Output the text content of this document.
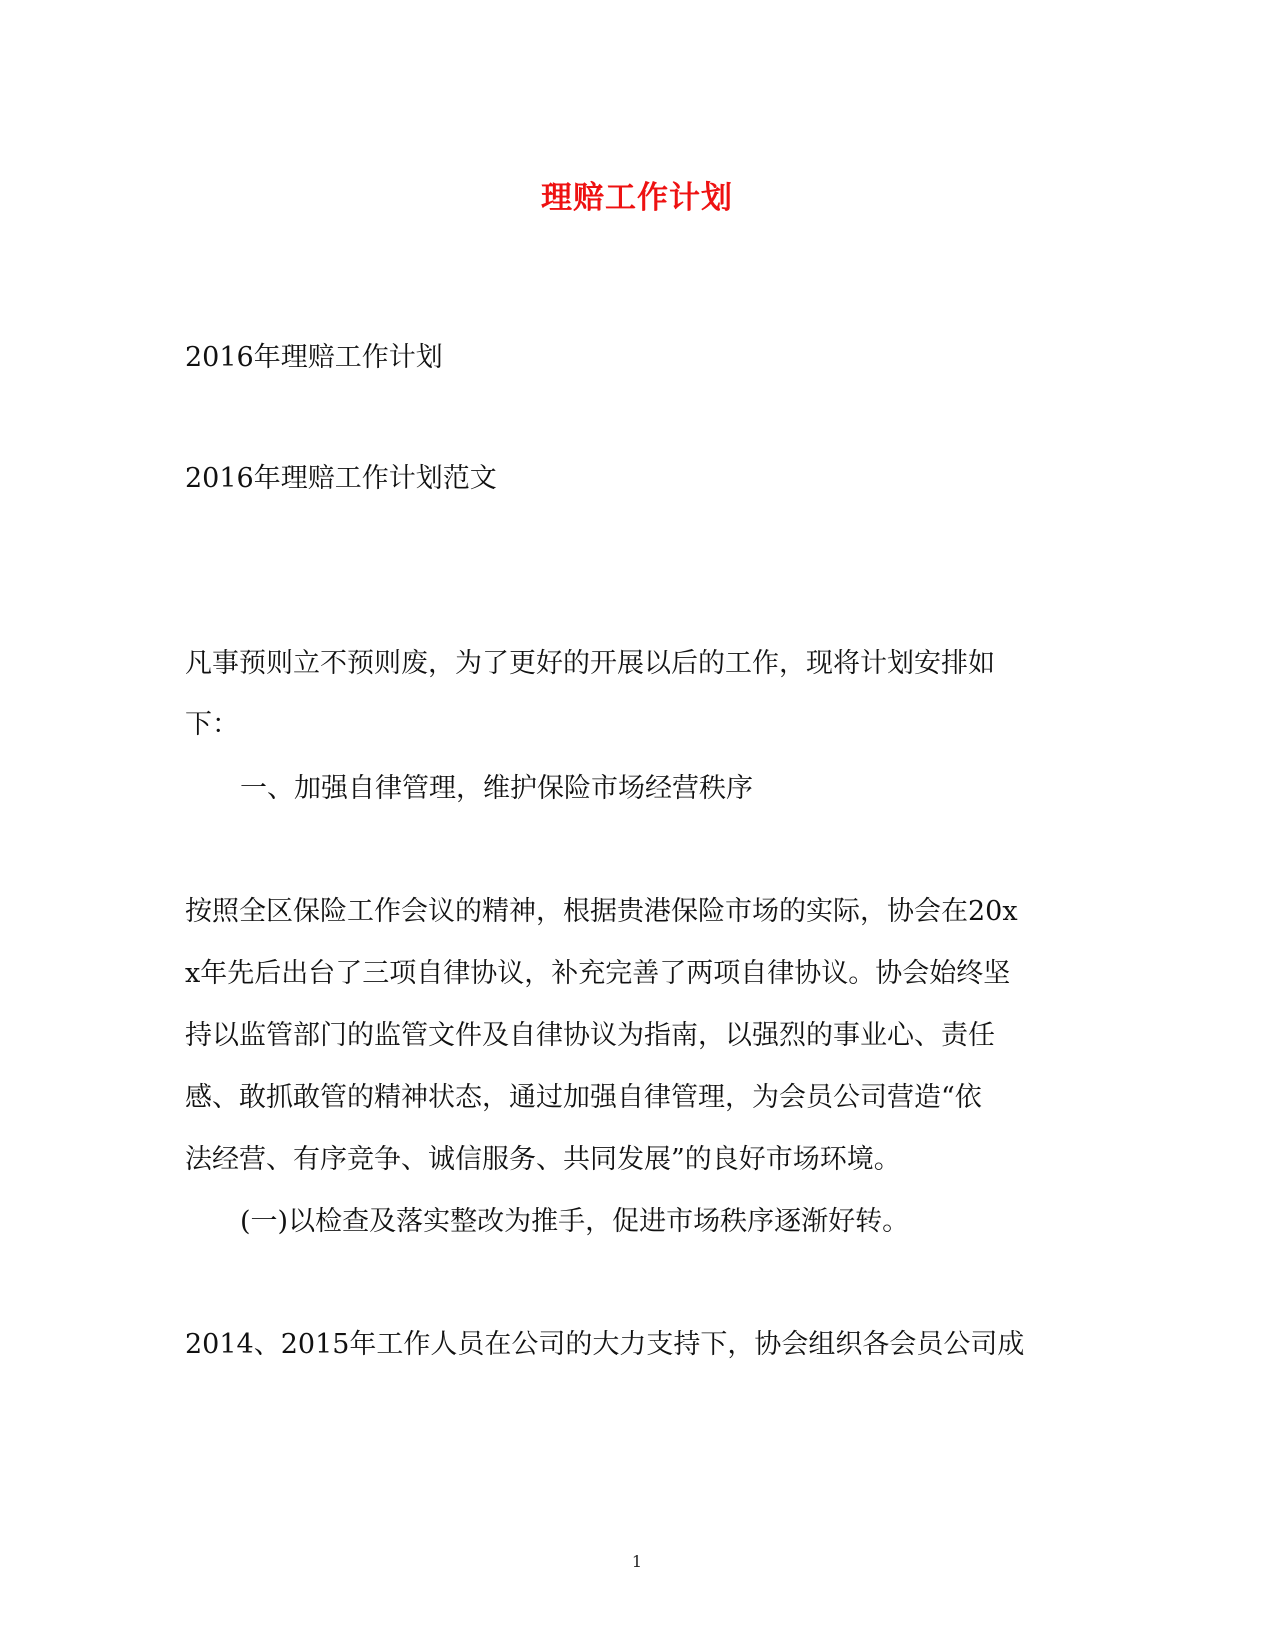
理赔工作计划
2016年理赔工作计划
2016年理赔工作计划范文
凡事预则立不预则废，为了更好的开展以后的工作，现将计划安排如
下：
一、加强自律管理，维护保险市场经营秩序
按照全区保险工作会议的精神，根据贵港保险市场的实际，协会在20x
x年先后出台了三项自律协议，补充完善了两项自律协议。协会始终坚
持以监管部门的监管文件及自律协议为指南，以强烈的事业心、责任
感、敢抓敢管的精神状态，通过加强自律管理，为会员公司营造“依
法经营、有序竞争、诚信服务、共同发展”的良好市场环境。
(一)以检查及落实整改为推手，促进市场秩序逐渐好转。
2014、2015年工作人员在公司的大力支持下，协会组织各会员公司成
1
